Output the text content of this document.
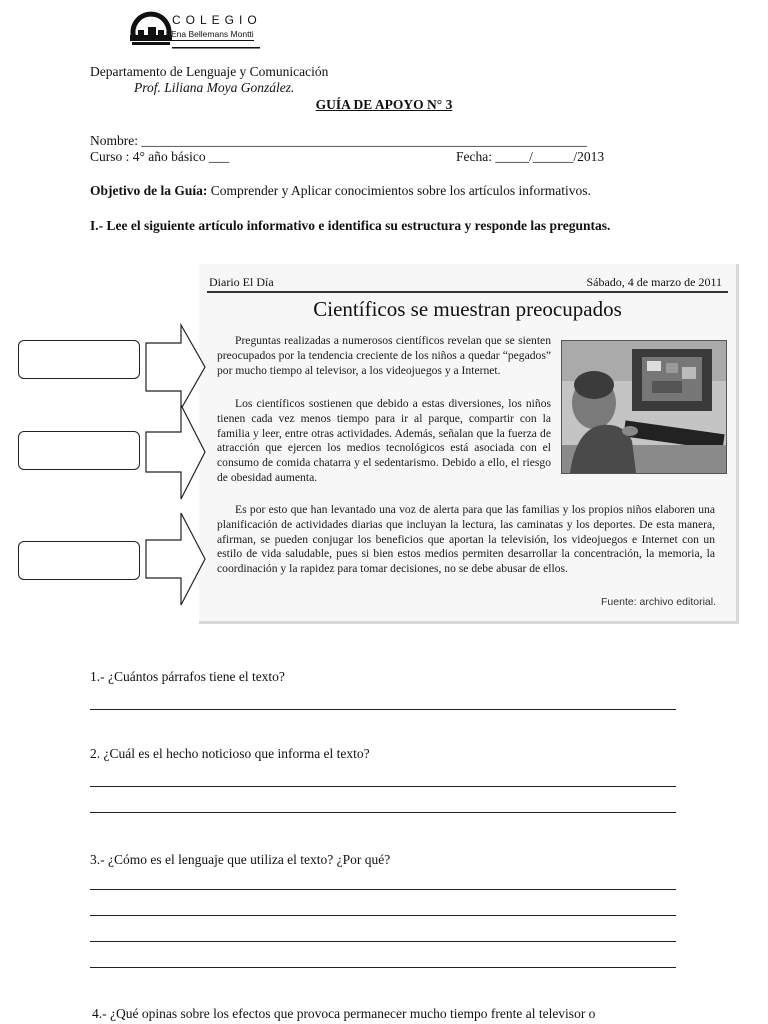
COLEGIO
Ena Bellemans Montti
Departamento de Lenguaje y Comunicación
Prof. Liliana Moya González.
GUÍA DE APOYO N° 3
Nombre: __________________________________________________________________
Curso : 4° año básico ___	Fecha: _____/______/2013
Objetivo de la Guía: Comprender y Aplicar conocimientos sobre los artículos informativos.
I.- Lee el siguiente artículo informativo e identifica su estructura y responde las preguntas.
Diario El Día	Sábado, 4 de marzo de 2011
Científicos se muestran preocupados
Preguntas realizadas a numerosos científicos revelan que se sienten preocupados por la tendencia creciente de los niños a quedar “pegados” por mucho tiempo al televisor, a los videojuegos y a Internet.
Los científicos sostienen que debido a estas diversiones, los niños tienen cada vez menos tiempo para ir al parque, compartir con la familia y leer, entre otras actividades. Además, señalan que la fuerza de atracción que ejercen los medios tecnológicos está asociada con el consumo de comida chatarra y el sedentarismo. Debido a ello, el riesgo de obesidad aumenta.
Es por esto que han levantado una voz de alerta para que las familias y los propios niños elaboren una planificación de actividades diarias que incluyan la lectura, las caminatas y los deportes. De esta manera, afirman, se pueden conjugar los beneficios que aportan la televisión, los videojuegos e Internet con un estilo de vida saludable, pues si bien estos medios permiten desarrollar la concentración, la memoria, la coordinación y la rapidez para tomar decisiones, no se debe abusar de ellos.
Fuente: archivo editorial.
1.- ¿Cuántos párrafos tiene el texto?
2. ¿Cuál es el hecho noticioso que informa el texto?
3.- ¿Cómo es el lenguaje que utiliza el texto? ¿Por qué?
4.- ¿Qué opinas sobre los efectos que provoca permanecer mucho tiempo frente al televisor o
